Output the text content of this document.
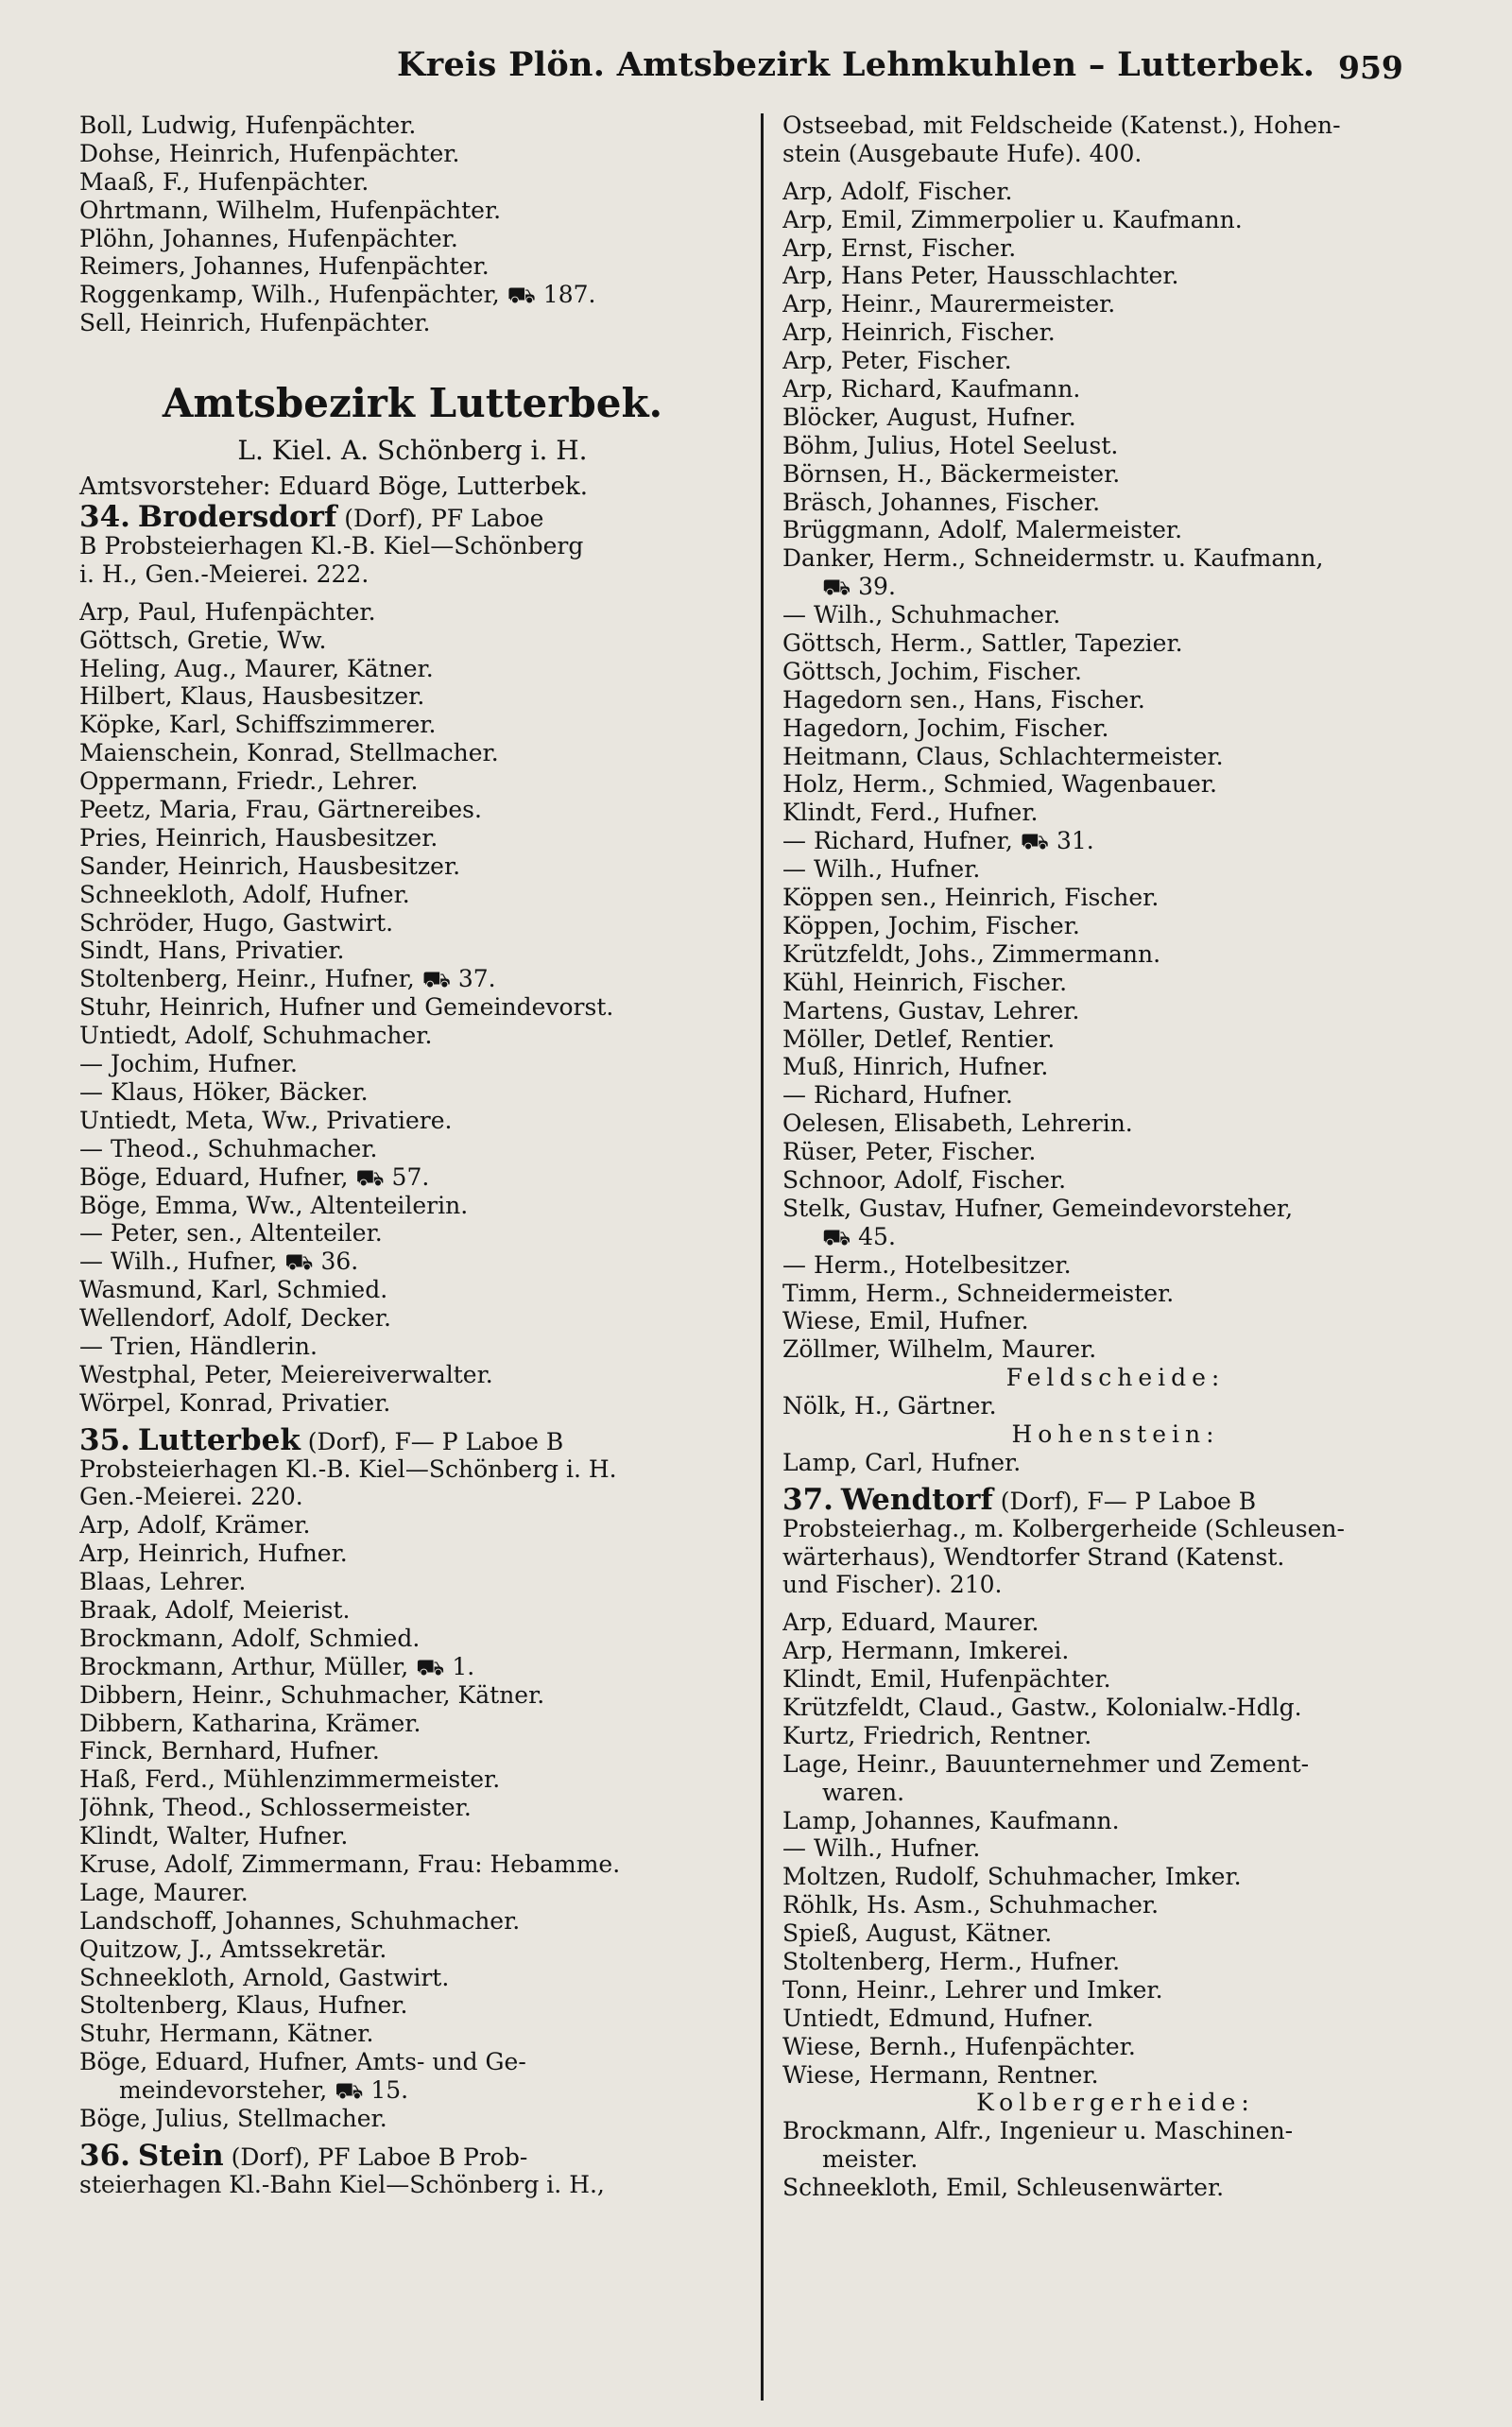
Kreis Plön. Amtsbezirk Lehmkuhlen – Lutterbek. 959
Boll, Ludwig, Hufenpächter.
Dohse, Heinrich, Hufenpächter.
Maaß, F., Hufenpächter.
Ohrtmann, Wilhelm, Hufenpächter.
Plöhn, Johannes, Hufenpächter.
Reimers, Johannes, Hufenpächter.
Roggenkamp, Wilh., Hufenpächter, ⛟ 187.
Sell, Heinrich, Hufenpächter.
Amtsbezirk Lutterbek.
L. Kiel. A. Schönberg i. H.
Amtsvorsteher: Eduard Böge, Lutterbek.
34. Brodersdorf (Dorf), PF Laboe
B Probsteierhagen Kl.-B. Kiel—Schönberg
i. H., Gen.-Meierei. 222.
Arp, Paul, Hufenpächter.
Göttsch, Gretie, Ww.
Heling, Aug., Maurer, Kätner.
Hilbert, Klaus, Hausbesitzer.
Köpke, Karl, Schiffszimmerer.
Maienschein, Konrad, Stellmacher.
Oppermann, Friedr., Lehrer.
Peetz, Maria, Frau, Gärtnereibes.
Pries, Heinrich, Hausbesitzer.
Sander, Heinrich, Hausbesitzer.
Schneekloth, Adolf, Hufner.
Schröder, Hugo, Gastwirt.
Sindt, Hans, Privatier.
Stoltenberg, Heinr., Hufner, ⛟ 37.
Stuhr, Heinrich, Hufner und Gemeindevorst.
Untiedt, Adolf, Schuhmacher.
— Jochim, Hufner.
— Klaus, Höker, Bäcker.
Untiedt, Meta, Ww., Privatiere.
— Theod., Schuhmacher.
Böge, Eduard, Hufner, ⛟ 57.
Böge, Emma, Ww., Altenteilerin.
— Peter, sen., Altenteiler.
— Wilh., Hufner, ⛟ 36.
Wasmund, Karl, Schmied.
Wellendorf, Adolf, Decker.
— Trien, Händlerin.
Westphal, Peter, Meiereiverwalter.
Wörpel, Konrad, Privatier.
35. Lutterbek (Dorf), F— P Laboe B
Probsteierhagen Kl.-B. Kiel—Schönberg i. H.
Gen.-Meierei. 220.
Arp, Adolf, Krämer.
Arp, Heinrich, Hufner.
Blaas, Lehrer.
Braak, Adolf, Meierist.
Brockmann, Adolf, Schmied.
Brockmann, Arthur, Müller, ⛟ 1.
Dibbern, Heinr., Schuhmacher, Kätner.
Dibbern, Katharina, Krämer.
Finck, Bernhard, Hufner.
Haß, Ferd., Mühlenzimmermeister.
Jöhnk, Theod., Schlossermeister.
Klindt, Walter, Hufner.
Kruse, Adolf, Zimmermann, Frau: Hebamme.
Lage, Maurer.
Landschoff, Johannes, Schuhmacher.
Quitzow, J., Amtssekretär.
Schneekloth, Arnold, Gastwirt.
Stoltenberg, Klaus, Hufner.
Stuhr, Hermann, Kätner.
Böge, Eduard, Hufner, Amts- und Ge-
meindevorsteher, ⛟ 15.
Böge, Julius, Stellmacher.
36. Stein (Dorf), PF Laboe B Prob-
steierhagen Kl.-Bahn Kiel—Schönberg i. H.,
Ostseebad, mit Feldscheide (Katenst.), Hohen-
stein (Ausgebaute Hufe). 400.
Arp, Adolf, Fischer.
Arp, Emil, Zimmerpolier u. Kaufmann.
Arp, Ernst, Fischer.
Arp, Hans Peter, Hausschlachter.
Arp, Heinr., Maurermeister.
Arp, Heinrich, Fischer.
Arp, Peter, Fischer.
Arp, Richard, Kaufmann.
Blöcker, August, Hufner.
Böhm, Julius, Hotel Seelust.
Börnsen, H., Bäckermeister.
Bräsch, Johannes, Fischer.
Brüggmann, Adolf, Malermeister.
Danker, Herm., Schneidermstr. u. Kaufmann,
⛟ 39.
— Wilh., Schuhmacher.
Göttsch, Herm., Sattler, Tapezier.
Göttsch, Jochim, Fischer.
Hagedorn sen., Hans, Fischer.
Hagedorn, Jochim, Fischer.
Heitmann, Claus, Schlachtermeister.
Holz, Herm., Schmied, Wagenbauer.
Klindt, Ferd., Hufner.
— Richard, Hufner, ⛟ 31.
— Wilh., Hufner.
Köppen sen., Heinrich, Fischer.
Köppen, Jochim, Fischer.
Krützfeldt, Johs., Zimmermann.
Kühl, Heinrich, Fischer.
Martens, Gustav, Lehrer.
Möller, Detlef, Rentier.
Muß, Hinrich, Hufner.
— Richard, Hufner.
Oelesen, Elisabeth, Lehrerin.
Rüser, Peter, Fischer.
Schnoor, Adolf, Fischer.
Stelk, Gustav, Hufner, Gemeindevorsteher,
⛟ 45.
— Herm., Hotelbesitzer.
Timm, Herm., Schneidermeister.
Wiese, Emil, Hufner.
Zöllmer, Wilhelm, Maurer.
Feldscheide:
Nölk, H., Gärtner.
Hohenstein:
Lamp, Carl, Hufner.
37. Wendtorf (Dorf), F— P Laboe B
Probsteierhag., m. Kolbergerheide (Schleusen-
wärterhaus), Wendtorfer Strand (Katenst.
und Fischer). 210.
Arp, Eduard, Maurer.
Arp, Hermann, Imkerei.
Klindt, Emil, Hufenpächter.
Krützfeldt, Claud., Gastw., Kolonialw.-Hdlg.
Kurtz, Friedrich, Rentner.
Lage, Heinr., Bauunternehmer und Zement-
waren.
Lamp, Johannes, Kaufmann.
— Wilh., Hufner.
Moltzen, Rudolf, Schuhmacher, Imker.
Röhlk, Hs. Asm., Schuhmacher.
Spieß, August, Kätner.
Stoltenberg, Herm., Hufner.
Tonn, Heinr., Lehrer und Imker.
Untiedt, Edmund, Hufner.
Wiese, Bernh., Hufenpächter.
Wiese, Hermann, Rentner.
Kolbergerheide:
Brockmann, Alfr., Ingenieur u. Maschinen-
meister.
Schneekloth, Emil, Schleusenwärter.
